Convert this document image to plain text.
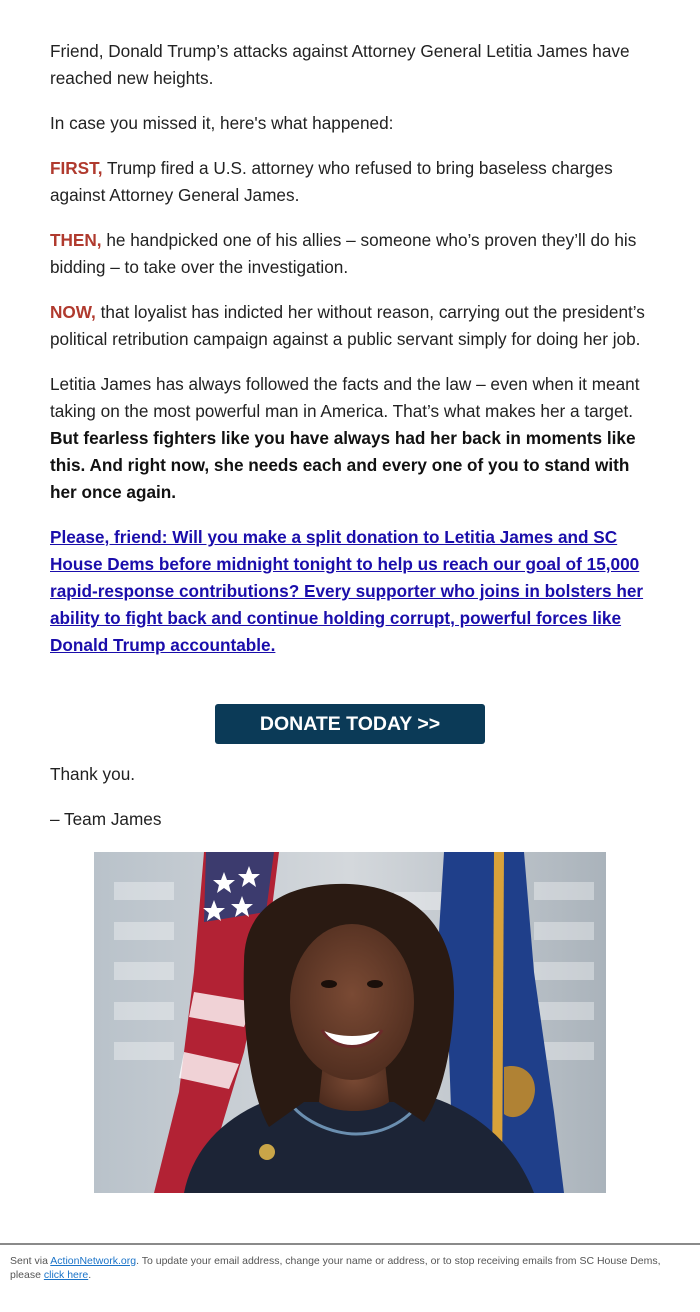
Friend, Donald Trump’s attacks against Attorney General Letitia James have reached new heights.

In case you missed it, here's what happened:

FIRST, Trump fired a U.S. attorney who refused to bring baseless charges against Attorney General James.

THEN, he handpicked one of his allies – someone who’s proven they’ll do his bidding – to take over the investigation.

NOW, that loyalist has indicted her without reason, carrying out the president’s political retribution campaign against a public servant simply for doing her job.

Letitia James has always followed the facts and the law – even when it meant taking on the most powerful man in America. That’s what makes her a target. But fearless fighters like you have always had her back in moments like this. And right now, she needs each and every one of you to stand with her once again.

Please, friend: Will you make a split donation to Letitia James and SC House Dems before midnight tonight to help us reach our goal of 15,000 rapid-response contributions? Every supporter who joins in bolsters her ability to fight back and continue holding corrupt, powerful forces like Donald Trump accountable.

DONATE TODAY >>
Thank you.
– Team James
Sent via ActionNetwork.org. To update your email address, change your name or address, or to stop receiving emails from SC House Dems, please click here.
